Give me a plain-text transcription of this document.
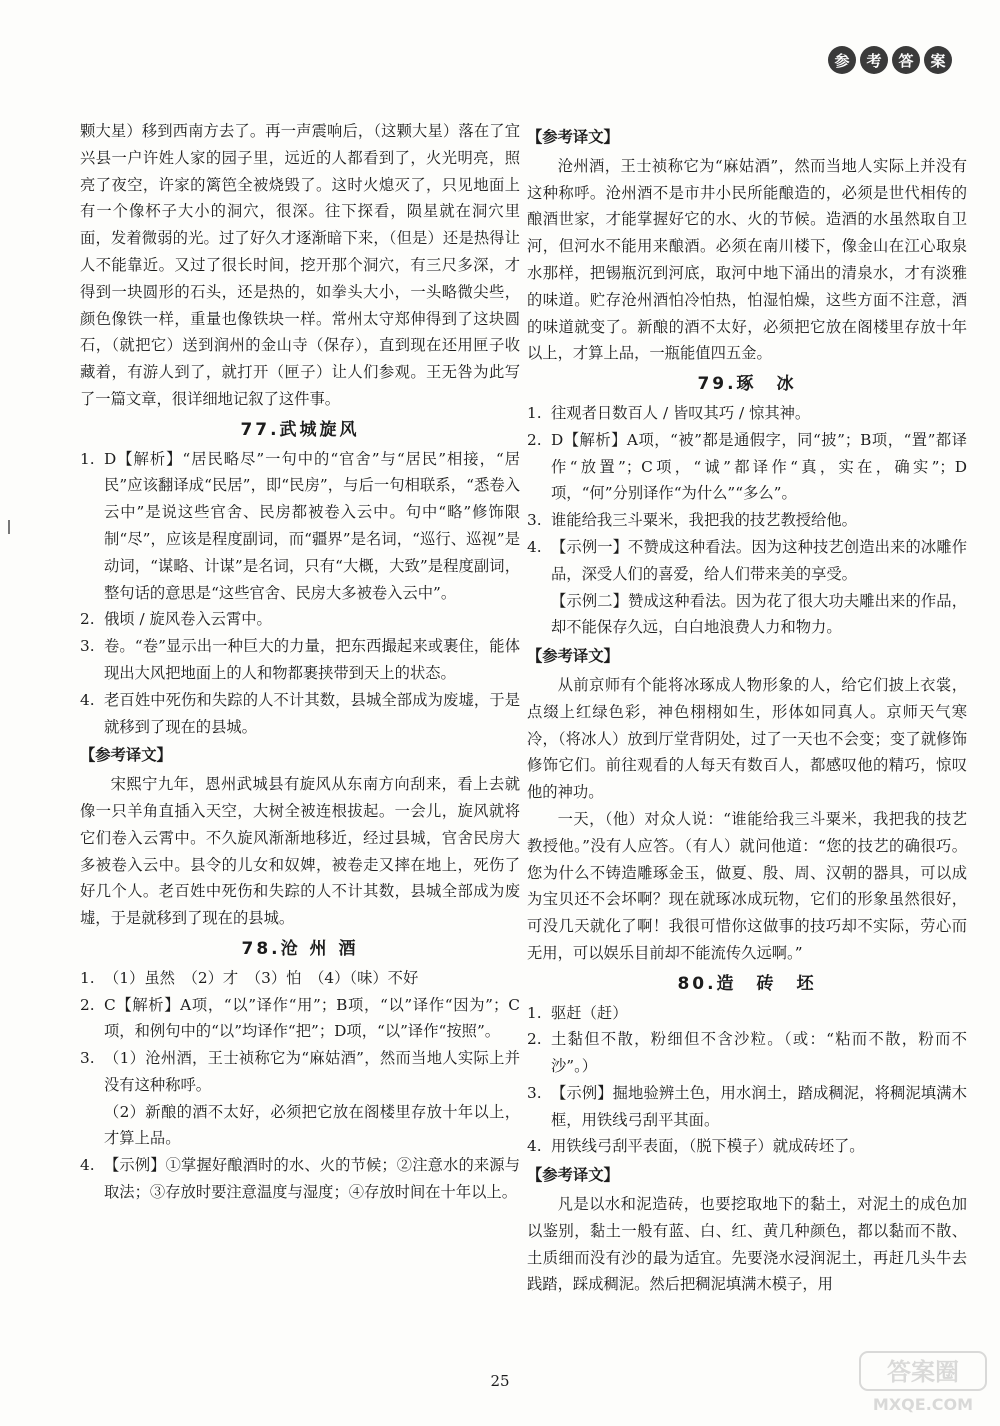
参	考	答	案

颗大星）移到西南方去了。再一声震响后，（这颗大星）落在了宜兴县一户许姓人家的园子里，远近的人都看到了，火光明亮，照亮了夜空，许家的篱笆全被烧毁了。这时火熄灭了，只见地面上有一个像杯子大小的洞穴，很深。往下探看，陨星就在洞穴里面，发着微弱的光。过了好久才逐渐暗下来，（但是）还是热得让人不能靠近。又过了很长时间，挖开那个洞穴，有三尺多深，才得到一块圆形的石头，还是热的，如拳头大小，一头略微尖些，颜色像铁一样，重量也像铁块一样。常州太守郑伸得到了这块圆石，（就把它）送到润州的金山寺（保存），直到现在还用匣子收藏着，有游人到了，就打开（匣子）让人们参观。王无咎为此写了一篇文章，很详细地记叙了这件事。

77.武城旋风
1. D【解析】“居民略尽”一句中的“官舍”与“居民”相接，“居民”应该翻译成“民居”，即“民房”，与后一句相联系，“悉卷入云中”是说这些官舍、民房都被卷入云中。句中“略”修饰限制“尽”，应该是程度副词，而“疆界”是名词，“巡行、巡视”是动词，“谋略、计谋”是名词，只有“大概，大致”是程度副词，整句话的意思是“这些官舍、民房大多被卷入云中”。
2. 俄顷 / 旋风卷入云霄中。
3. 卷。“卷”显示出一种巨大的力量，把东西撮起来或裹住，能体现出大风把地面上的人和物都裹挟带到天上的状态。
4. 老百姓中死伤和失踪的人不计其数，县城全部成为废墟，于是就移到了现在的县城。
【参考译文】

宋熙宁九年，恩州武城县有旋风从东南方向刮来，看上去就像一只羊角直插入天空，大树全被连根拔起。一会儿，旋风就将它们卷入云霄中。不久旋风渐渐地移近，经过县城，官舍民房大多被卷入云中。县令的儿女和奴婢，被卷走又摔在地上，死伤了好几个人。老百姓中死伤和失踪的人不计其数，县城全部成为废墟，于是就移到了现在的县城。

78.沧 州 酒
1. （1）虽然　（2）才　（3）怕　（4）（味）不好
2. C【解析】A项，“以”译作“用”；B项，“以”译作“因为”；C项，和例句中的“以”均译作“把”；D项，“以”译作“按照”。
3. （1）沧州酒，王士祯称它为“麻姑酒”，然而当地人实际上并没有这种称呼。

（2）新酿的酒不太好，必须把它放在阁楼里存放十年以上，才算上品。

4. 【示例】①掌握好酿酒时的水、火的节候；②注意水的来源与取法；③存放时要注意温度与湿度；④存放时间在十年以上。
【参考译文】

沧州酒，王士祯称它为“麻姑酒”，然而当地人实际上并没有这种称呼。沧州酒不是市井小民所能酿造的，必须是世代相传的酿酒世家，才能掌握好它的水、火的节候。造酒的水虽然取自卫河，但河水不能用来酿酒。必须在南川楼下，像金山在江心取泉水那样，把锡瓶沉到河底，取河中地下涌出的清泉水，才有淡雅的味道。贮存沧州酒怕冷怕热，怕湿怕燥，这些方面不注意，酒的味道就变了。新酿的酒不太好，必须把它放在阁楼里存放十年以上，才算上品，一瓶能值四五金。

79.琢　冰
1. 往观者日数百人 / 皆叹其巧 / 惊其神。
2. D【解析】A项，“被”都是通假字，同“披”；B项，“置”都译作“放置”；C项，“诚”都译作“真，实在，确实”；D项，“何”分别译作“为什么”“多么”。
3. 谁能给我三斗粟米，我把我的技艺教授给他。
4. 【示例一】不赞成这种看法。因为这种技艺创造出来的冰雕作品，深受人们的喜爱，给人们带来美的享受。

【示例二】赞成这种看法。因为花了很大功夫雕出来的作品，却不能保存久远，白白地浪费人力和物力。

【参考译文】

从前京师有个能将冰琢成人物形象的人，给它们披上衣裳，点缀上红绿色彩，神色栩栩如生，形体如同真人。京师天气寒冷，（将冰人）放到厅堂背阴处，过了一天也不会变；变了就修饰修饰它们。前往观看的人每天有数百人，都感叹他的精巧，惊叹他的神功。

一天，（他）对众人说：“谁能给我三斗粟米，我把我的技艺教授他。”没有人应答。（有人）就问他道：“您的技艺的确很巧。您为什么不铸造雕琢金玉，做夏、殷、周、汉朝的器具，可以成为宝贝还不会坏啊？现在就琢冰成玩物，它们的形象虽然很好，可没几天就化了啊！我很可惜你这做事的技巧却不实际，劳心而无用，可以娱乐目前却不能流传久远啊。”

80.造　砖　坯
1. 驱赶（赶）
2. 土黏但不散，粉细但不含沙粒。（或：“粘而不散，粉而不沙”。）
3. 【示例】掘地验辨土色，用水润土，踏成稠泥，将稠泥填满木框，用铁线弓刮平其面。
4. 用铁线弓刮平表面，（脱下模子）就成砖坯了。
【参考译文】

凡是以水和泥造砖，也要挖取地下的黏土，对泥土的成色加以鉴别，黏土一般有蓝、白、红、黄几种颜色，都以黏而不散、土质细而没有沙的最为适宜。先要浇水浸润泥土，再赶几头牛去践踏，踩成稠泥。然后把稠泥填满木模子，用

25	答案圈
MXQE.COM
